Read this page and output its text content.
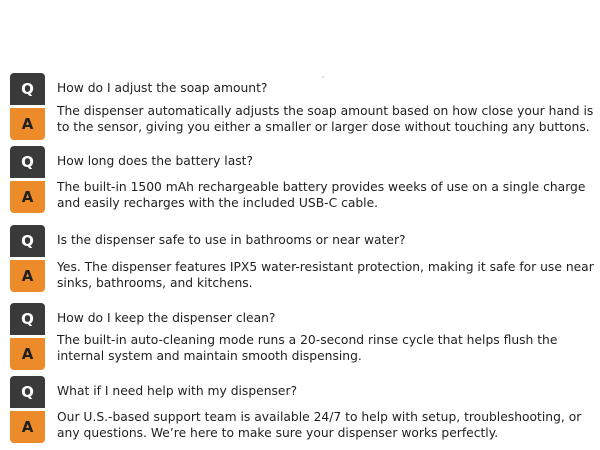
Q	How do I adjust the soap amount?
A
The dispenser automatically adjusts the soap amount based on how close your hand is to the sensor, giving you either a smaller or larger dose without touching any buttons.
Q	How long does the battery last?
A
The built-in 1500 mAh rechargeable battery provides weeks of use on a single charge and easily recharges with the included USB-C cable.
Q	Is the dispenser safe to use in bathrooms or near water?
A	Yes. The dispenser features IPX5 water-resistant protection, making it safe for use near sinks, bathrooms, and kitchens.
Q	How do I keep the dispenser clean?
A
The built-in auto-cleaning mode runs a 20-second rinse cycle that helps flush the internal system and maintain smooth dispensing.
Q	What if I need help with my dispenser?
A
Our U.S.-based support team is available 24/7 to help with setup, troubleshooting, or any questions. We’re here to make sure your dispenser works perfectly.
